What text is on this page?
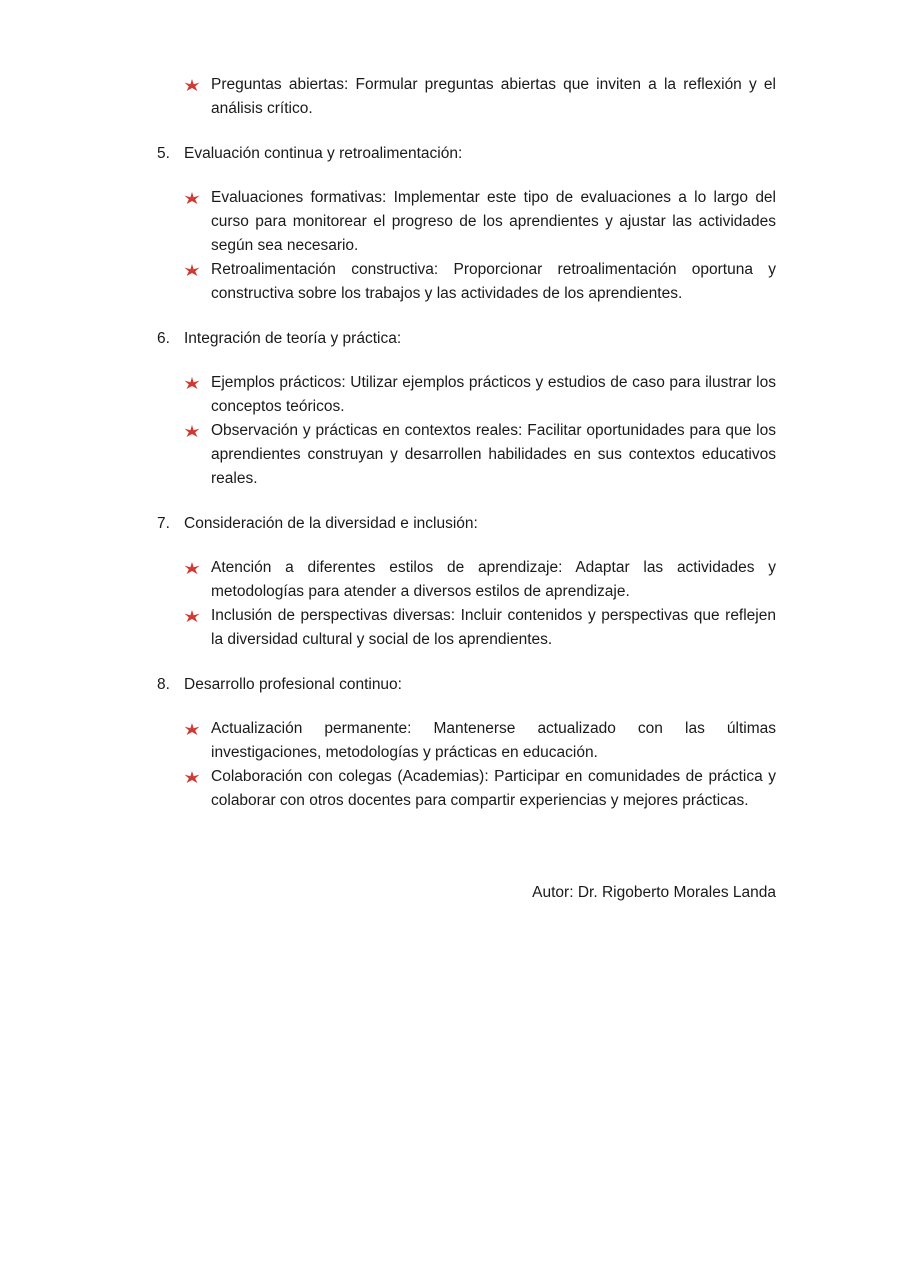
Preguntas abiertas: Formular preguntas abiertas que inviten a la reflexión y el análisis crítico.
5. Evaluación continua y retroalimentación:
Evaluaciones formativas: Implementar este tipo de evaluaciones a lo largo del curso para monitorear el progreso de los aprendientes y ajustar las actividades según sea necesario.
Retroalimentación constructiva: Proporcionar retroalimentación oportuna y constructiva sobre los trabajos y las actividades de los aprendientes.
6. Integración de teoría y práctica:
Ejemplos prácticos: Utilizar ejemplos prácticos y estudios de caso para ilustrar los conceptos teóricos.
Observación y prácticas en contextos reales: Facilitar oportunidades para que los aprendientes construyan y desarrollen habilidades en sus contextos educativos reales.
7. Consideración de la diversidad e inclusión:
Atención a diferentes estilos de aprendizaje: Adaptar las actividades y metodologías para atender a diversos estilos de aprendizaje.
Inclusión de perspectivas diversas: Incluir contenidos y perspectivas que reflejen la diversidad cultural y social de los aprendientes.
8. Desarrollo profesional continuo:
Actualización permanente: Mantenerse actualizado con las últimas investigaciones, metodologías y prácticas en educación.
Colaboración con colegas (Academias): Participar en comunidades de práctica y colaborar con otros docentes para compartir experiencias y mejores prácticas.
Autor: Dr. Rigoberto Morales Landa
